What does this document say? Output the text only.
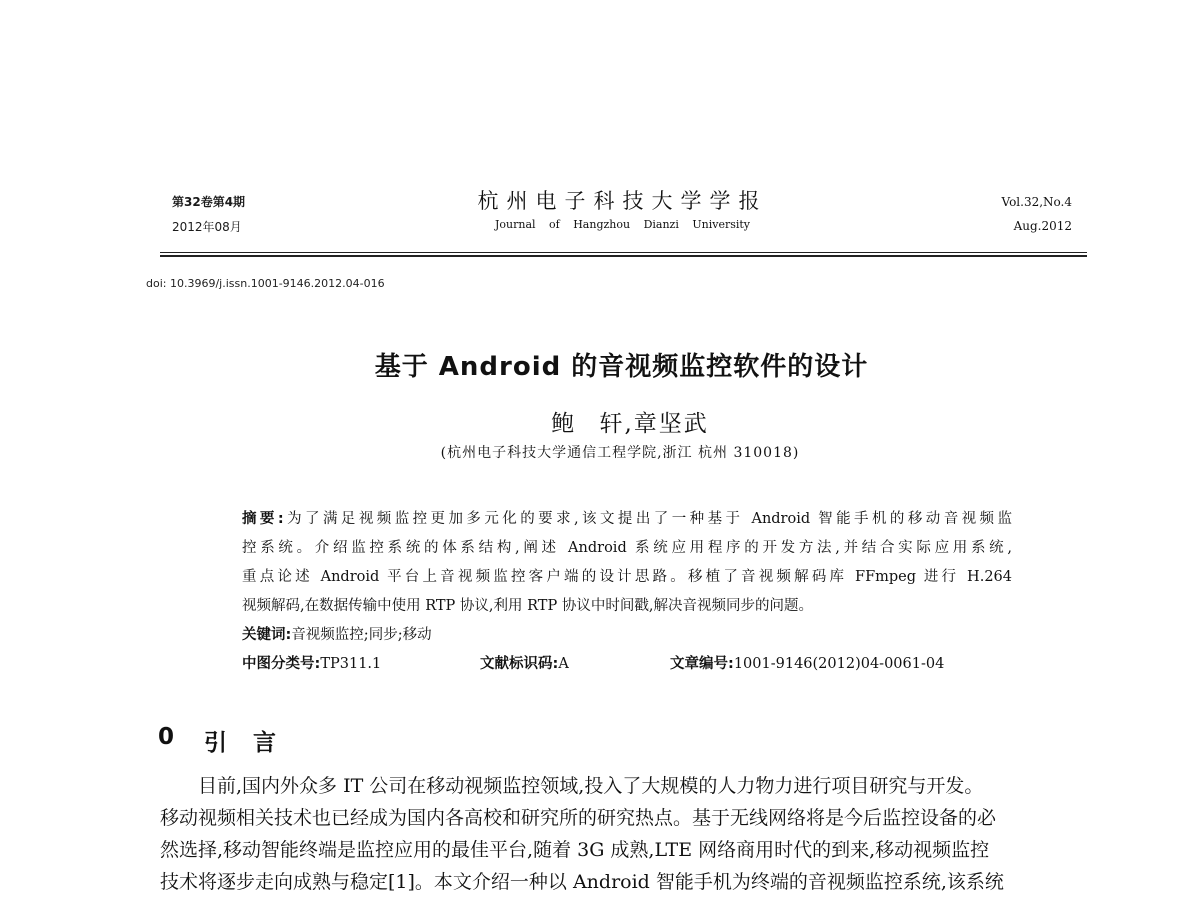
第32卷第4期
2012年08月
杭州电子科技大学学报
Journal of Hangzhou Dianzi University
Vol.32,No.4
Aug.2012
doi: 10.3969/j.issn.1001-9146.2012.04-016
基于 Android 的音视频监控软件的设计
鲍 轩,章坚武
(杭州电子科技大学通信工程学院,浙江 杭州 310018)
摘要:为了满足视频监控更加多元化的要求,该文提出了一种基于 Android 智能手机的移动音视频监
控系统。介绍监控系统的体系结构,阐述 Android 系统应用程序的开发方法,并结合实际应用系统,
重点论述 Android 平台上音视频监控客户端的设计思路。移植了音视频解码库 FFmpeg 进行 H.264
视频解码,在数据传输中使用 RTP 协议,利用 RTP 协议中时间戳,解决音视频同步的问题。
关键词:音视频监控;同步;移动
中图分类号:TP311.1	文献标识码:A	文章编号:1001-9146(2012)04-0061-04
0 引言
目前,国内外众多 IT 公司在移动视频监控领域,投入了大规模的人力物力进行项目研究与开发。
移动视频相关技术也已经成为国内各高校和研究所的研究热点。基于无线网络将是今后监控设备的必
然选择,移动智能终端是监控应用的最佳平台,随着 3G 成熟,LTE 网络商用时代的到来,移动视频监控
技术将逐步走向成熟与稳定[1]。本文介绍一种以 Android 智能手机为终端的音视频监控系统,该系统
